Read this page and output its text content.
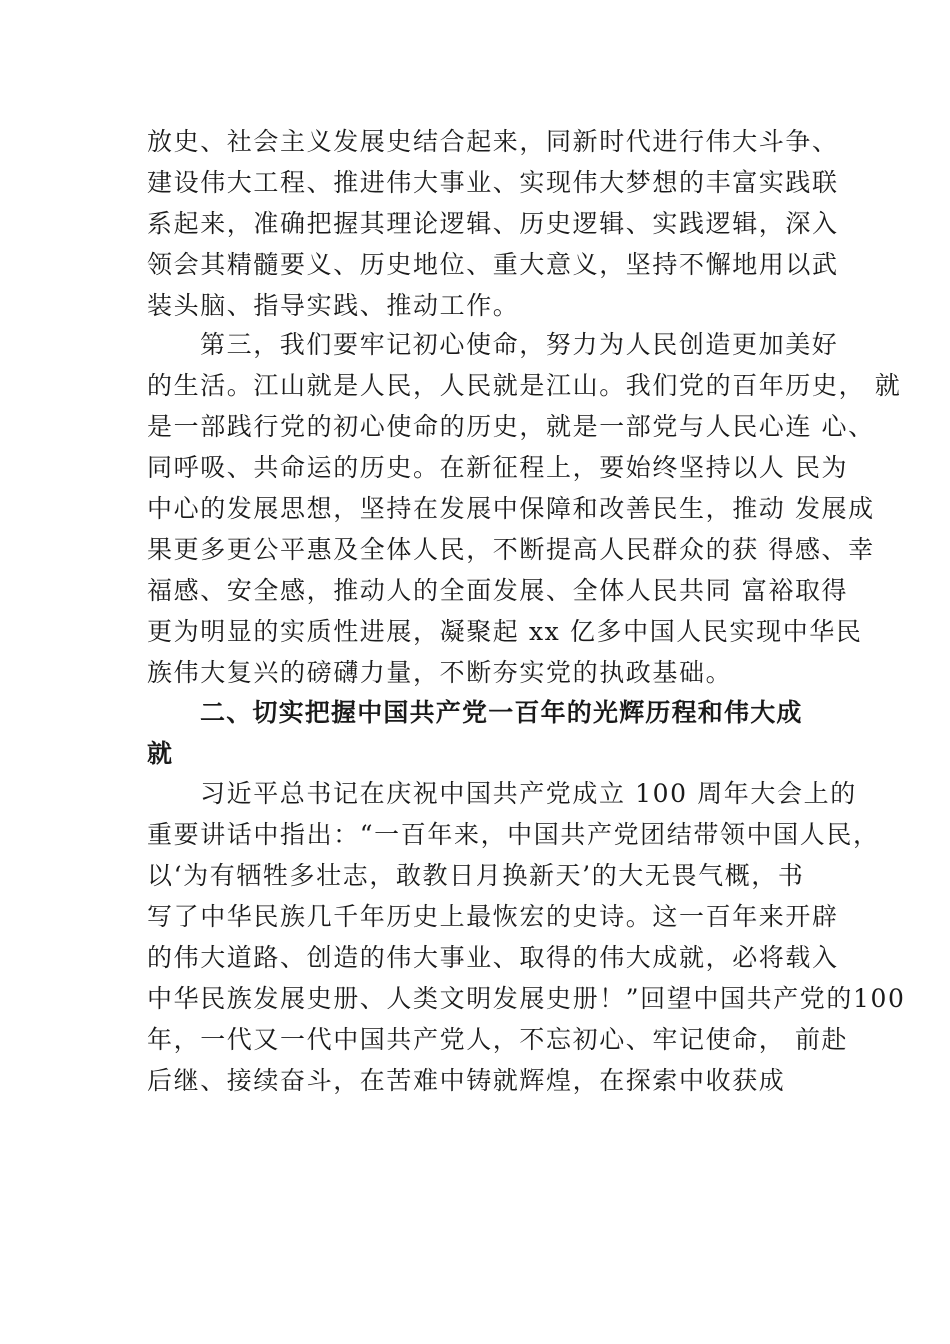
放史、社会主义发展史结合起来，同新时代进行伟大斗争、
建设伟大工程、推进伟大事业、实现伟大梦想的丰富实践联
系起来，准确把握其理论逻辑、历史逻辑、实践逻辑，深入
领会其精髓要义、历史地位、重大意义，坚持不懈地用以武
装头脑、指导实践、推动工作。
第三，我们要牢记初心使命，努力为人民创造更加美好
的生活。江山就是人民，人民就是江山。我们党的百年历史， 就
是一部践行党的初心使命的历史，就是一部党与人民心连 心、
同呼吸、共命运的历史。在新征程上，要始终坚持以人 民为
中心的发展思想，坚持在发展中保障和改善民生，推动 发展成
果更多更公平惠及全体人民，不断提高人民群众的获 得感、幸
福感、安全感，推动人的全面发展、全体人民共同 富裕取得
更为明显的实质性进展，凝聚起 xx 亿多中国人民实现中华民
族伟大复兴的磅礴力量，不断夯实党的执政基础。
二、切实把握中国共产党一百年的光辉历程和伟大成
就
习近平总书记在庆祝中国共产党成立 100 周年大会上的
重要讲话中指出：“一百年来，中国共产党团结带领中国人民，
以‘为有牺牲多壮志，敢教日月换新天’的大无畏气概，书
写了中华民族几千年历史上最恢宏的史诗。这一百年来开辟
的伟大道路、创造的伟大事业、取得的伟大成就，必将载入
中华民族发展史册、人类文明发展史册！”回望中国共产党的100
年，一代又一代中国共产党人，不忘初心、牢记使命， 前赴
后继、接续奋斗，在苦难中铸就辉煌，在探索中收获成
